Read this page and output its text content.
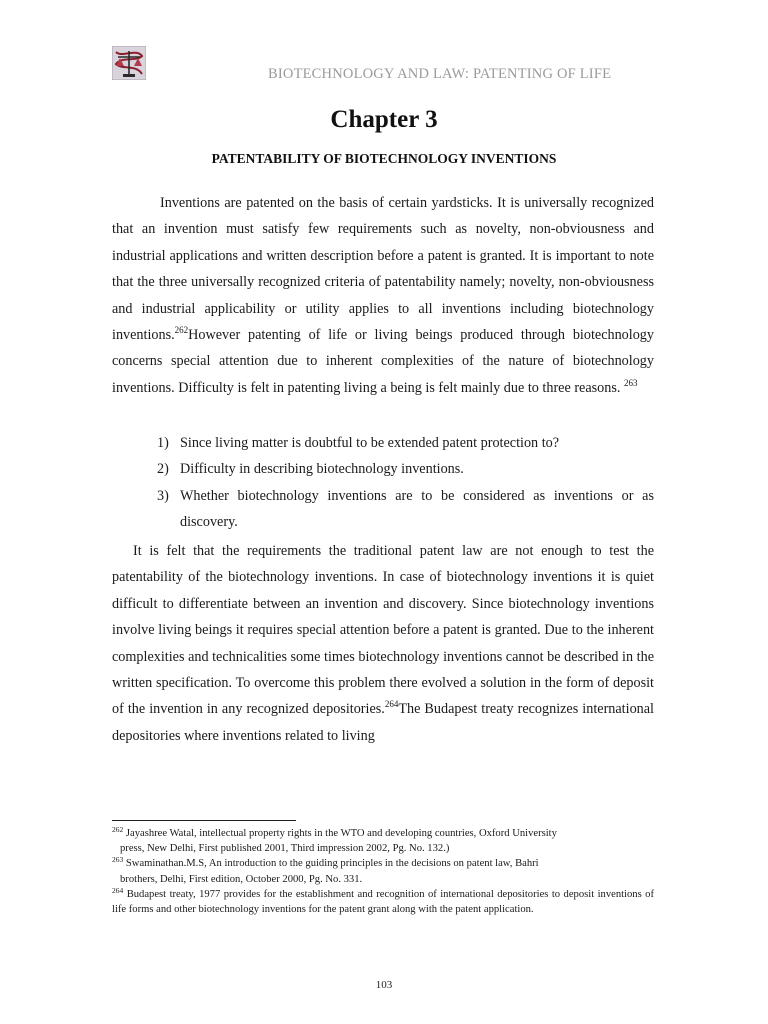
BIOTECHNOLOGY AND LAW: PATENTING OF LIFE
Chapter 3
PATENTABILITY OF BIOTECHNOLOGY INVENTIONS

Inventions are patented on the basis of certain yardsticks. It is universally recognized that an invention must satisfy few requirements such as novelty, non-obviousness and industrial applications and written description before a patent is granted. It is important to note that the three universally recognized criteria of patentability namely; novelty, non-obviousness and industrial applicability or utility applies to all inventions including biotechnology inventions.$^{262}$However patenting of life or living beings produced through biotechnology concerns special attention due to inherent complexities of the nature of biotechnology inventions. Difficulty is felt in patenting living a being is felt mainly due to three reasons. $^{263}$

1) Since living matter is doubtful to be extended patent protection to?
2) Difficulty in describing biotechnology inventions.
3) Whether biotechnology inventions are to be considered as inventions or as
discovery.

It is felt that the requirements the traditional patent law are not enough to test the patentability of the biotechnology inventions. In case of biotechnology inventions it is quiet difficult to differentiate between an invention and discovery. Since biotechnology inventions involve living beings it requires special attention before a patent is granted. Due to the inherent complexities and technicalities some times biotechnology inventions cannot be described in the written specification. To overcome this problem there evolved a solution in the form of deposit of the invention in any recognized depositories.$^{264}$The Budapest treaty recognizes international depositories where inventions related to living

$^{262}$ Jayashree Watal, intellectual property rights in the WTO and developing countries, Oxford University
press, New Delhi, First published 2001, Third impression 2002, Pg. No. 132.)

$^{263}$ Swaminathan.M.S, An introduction to the guiding principles in the decisions on patent law, Bahri
brothers, Delhi, First edition, October 2000, Pg. No. 331.

$^{264}$ Budapest treaty, 1977 provides for the establishment and recognition of international depositories to deposit inventions of life forms and other biotechnology inventions for the patent grant along with the patent application.

103
